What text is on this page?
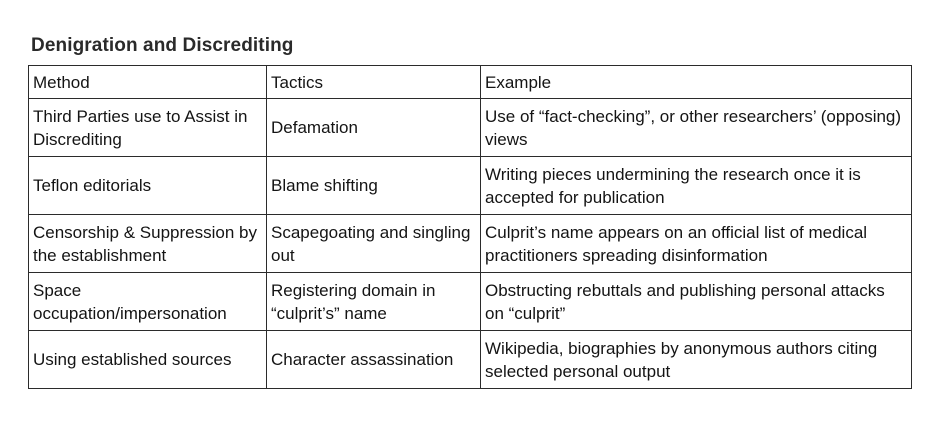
Denigration and Discrediting
Method	Tactics	Example
Third Parties use to Assist in Discrediting	Defamation	Use of “fact-checking”, or other researchers’ (opposing) views
Teflon editorials	Blame shifting	Writing pieces undermining the research once it is accepted for publication
Censorship & Suppression by the establishment	Scapegoating and singling out	Culprit’s name appears on an official list of medical practitioners spreading disinformation
Space occupation/impersonation	Registering domain in “culprit’s” name	Obstructing rebuttals and publishing personal attacks on “culprit”
Using established sources	Character assassination	Wikipedia, biographies by anonymous authors citing selected personal output
